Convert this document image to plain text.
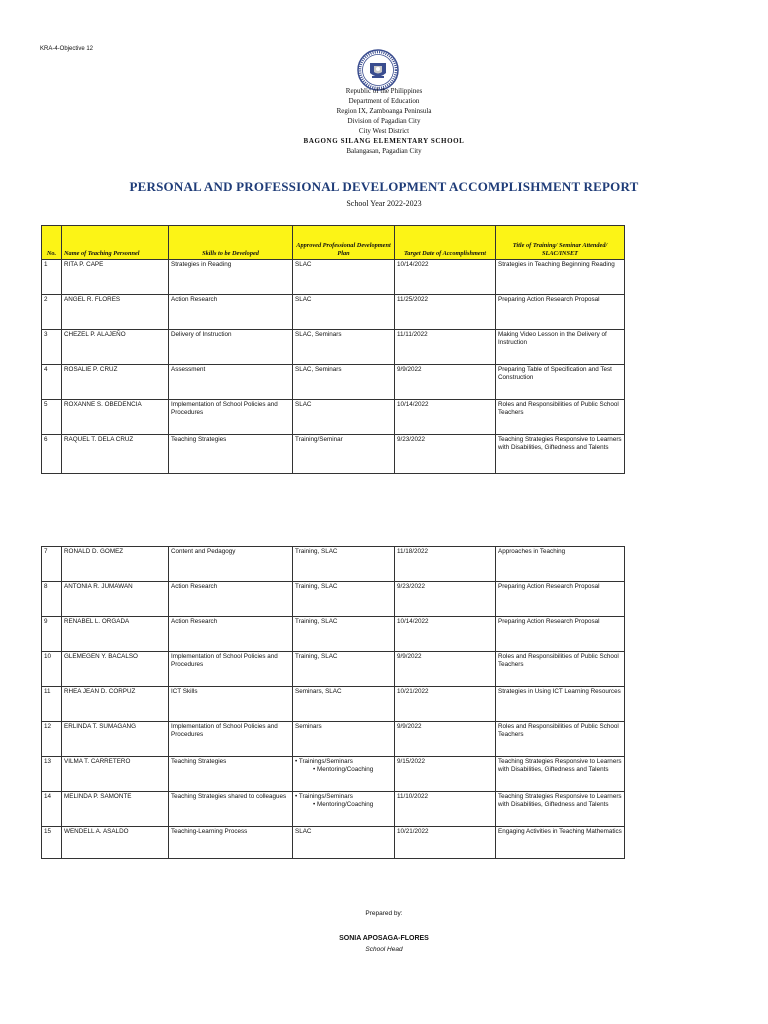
KRA-4-Objective 12
Republic of the Philippines
Department of Education
Region IX, Zamboanga Peninsula
Division of Pagadian City
City West District
BAGONG SILANG ELEMENTARY SCHOOL
Balangasan, Pagadian City
PERSONAL AND PROFESSIONAL DEVELOPMENT ACCOMPLISHMENT REPORT
School Year 2022-2023
No.	Name of Teaching Personnel	Skills to be Developed	Approved Professional Development Plan	Target Date of Accomplishment	Title of Training/ Seminar Attended/ SLAC/INSET
1	RITA P. CAPE	Strategies in Reading	SLAC	10/14/2022	Strategies in Teaching Beginning Reading
2	ANGEL R. FLORES	Action Research	SLAC	11/25/2022	Preparing Action Research Proposal
3	CHEZEL P. ALAJEÑO	Delivery of Instruction	SLAC, Seminars	11/11/2022	Making Video Lesson in the Delivery of Instruction
4	ROSALIE P. CRUZ	Assessment	SLAC, Seminars	9/9/2022	Preparing Table of Specification and Test Construction
5	ROXANNE S. OBEDENCIA	Implementation of School Policies and Procedures	SLAC	10/14/2022	Roles and Responsibilities of Public School Teachers
6	RAQUEL T. DELA CRUZ	Teaching Strategies	Training/Seminar	9/23/2022	Teaching Strategies Responsive to Learners with Disabilities, Giftedness and Talents
7	RONALD D. GOMEZ	Content and Pedagogy	Training, SLAC	11/18/2022	Approaches in Teaching
8	ANTONIA R. JUMAWAN	Action Research	Training, SLAC	9/23/2022	Preparing Action Research Proposal
9	RENABEL L. ORGADA	Action Research	Training, SLAC	10/14/2022	Preparing Action Research Proposal
10	GLEMEGEN Y. BACALSO	Implementation of School Policies and Procedures	Training, SLAC	9/9/2022	Roles and Responsibilities of Public School Teachers
11	RHEA JEAN D. CORPUZ	ICT Skills	Seminars, SLAC	10/21/2022	Strategies in Using ICT Learning Resources
12	ERLINDA T. SUMAGANG	Implementation of School Policies and Procedures	Seminars	9/9/2022	Roles and Responsibilities of Public School Teachers
13	VILMA T. CARRETERO	Teaching Strategies	• Trainings/Seminars
• Mentoring/Coaching	9/15/2022	Teaching Strategies Responsive to Learners with Disabilities, Giftedness and Talents
14	MELINDA P. SAMONTE	Teaching Strategies shared to colleagues	• Trainings/Seminars
• Mentoring/Coaching	11/10/2022	Teaching Strategies Responsive to Learners with Disabilities, Giftedness and Talents
15	WENDELL A. ASALDO	Teaching-Learning Process	SLAC	10/21/2022	Engaging Activities in Teaching Mathematics
Prepared by:
SONIA APOSAGA-FLORES
School Head
